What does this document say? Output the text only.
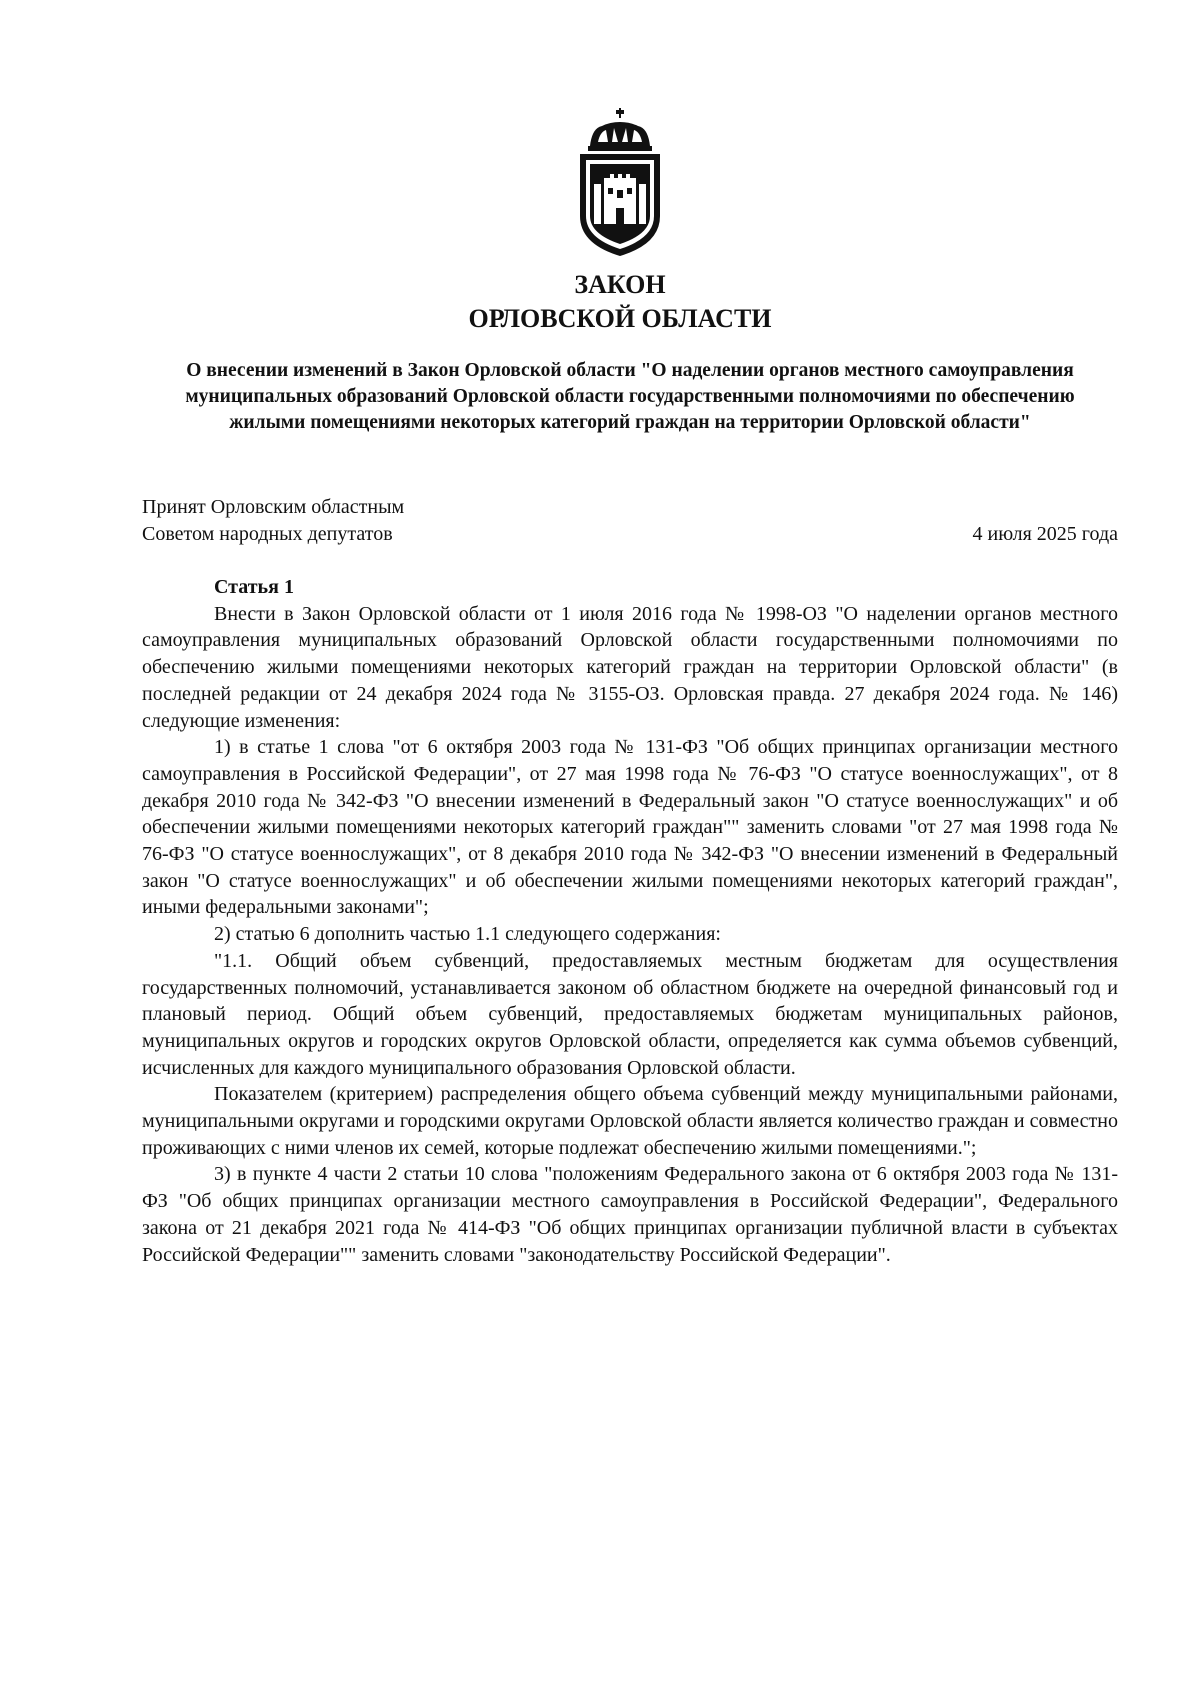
ЗАКОН
ОРЛОВСКОЙ ОБЛАСТИ
О внесении изменений в Закон Орловской области "О наделении органов местного самоуправления муниципальных образований Орловской области государственными полномочиями по обеспечению жилыми помещениями некоторых категорий граждан на территории Орловской области"
Принят Орловским областным
Советом народных депутатов	4 июля 2025 года

Статья 1

Внести в Закон Орловской области от 1 июля 2016 года № 1998-ОЗ "О наделении органов местного самоуправления муниципальных образований Орловской области государственными полномочиями по обеспечению жилыми помещениями некоторых категорий граждан на территории Орловской области" (в последней редакции от 24 декабря 2024 года № 3155-ОЗ. Орловская правда. 27 декабря 2024 года. № 146) следующие изменения:

1) в статье 1 слова "от 6 октября 2003 года № 131-ФЗ "Об общих принципах организации местного самоуправления в Российской Федерации", от 27 мая 1998 года № 76-ФЗ "О статусе военнослужащих", от 8 декабря 2010 года № 342-ФЗ "О внесении изменений в Федеральный закон "О статусе военнослужащих" и об обеспечении жилыми помещениями некоторых категорий граждан"" заменить словами "от 27 мая 1998 года № 76-ФЗ "О статусе военнослужащих", от 8 декабря 2010 года № 342-ФЗ "О внесении изменений в Федеральный закон "О статусе военнослужащих" и об обеспечении жилыми помещениями некоторых категорий граждан", иными федеральными законами";

2) статью 6 дополнить частью 1.1 следующего содержания:

"1.1. Общий объем субвенций, предоставляемых местным бюджетам для осуществления государственных полномочий, устанавливается законом об областном бюджете на очередной финансовый год и плановый период. Общий объем субвенций, предоставляемых бюджетам муниципальных районов, муниципальных округов и городских округов Орловской области, определяется как сумма объемов субвенций, исчисленных для каждого муниципального образования Орловской области.

Показателем (критерием) распределения общего объема субвенций между муниципальными районами, муниципальными округами и городскими округами Орловской области является количество граждан и совместно проживающих с ними членов их семей, которые подлежат обеспечению жилыми помещениями.";

3) в пункте 4 части 2 статьи 10 слова "положениям Федерального закона от 6 октября 2003 года № 131-ФЗ "Об общих принципах организации местного самоуправления в Российской Федерации", Федерального закона от 21 декабря 2021 года № 414-ФЗ "Об общих принципах организации публичной власти в субъектах Российской Федерации"" заменить словами "законодательству Российской Федерации".
